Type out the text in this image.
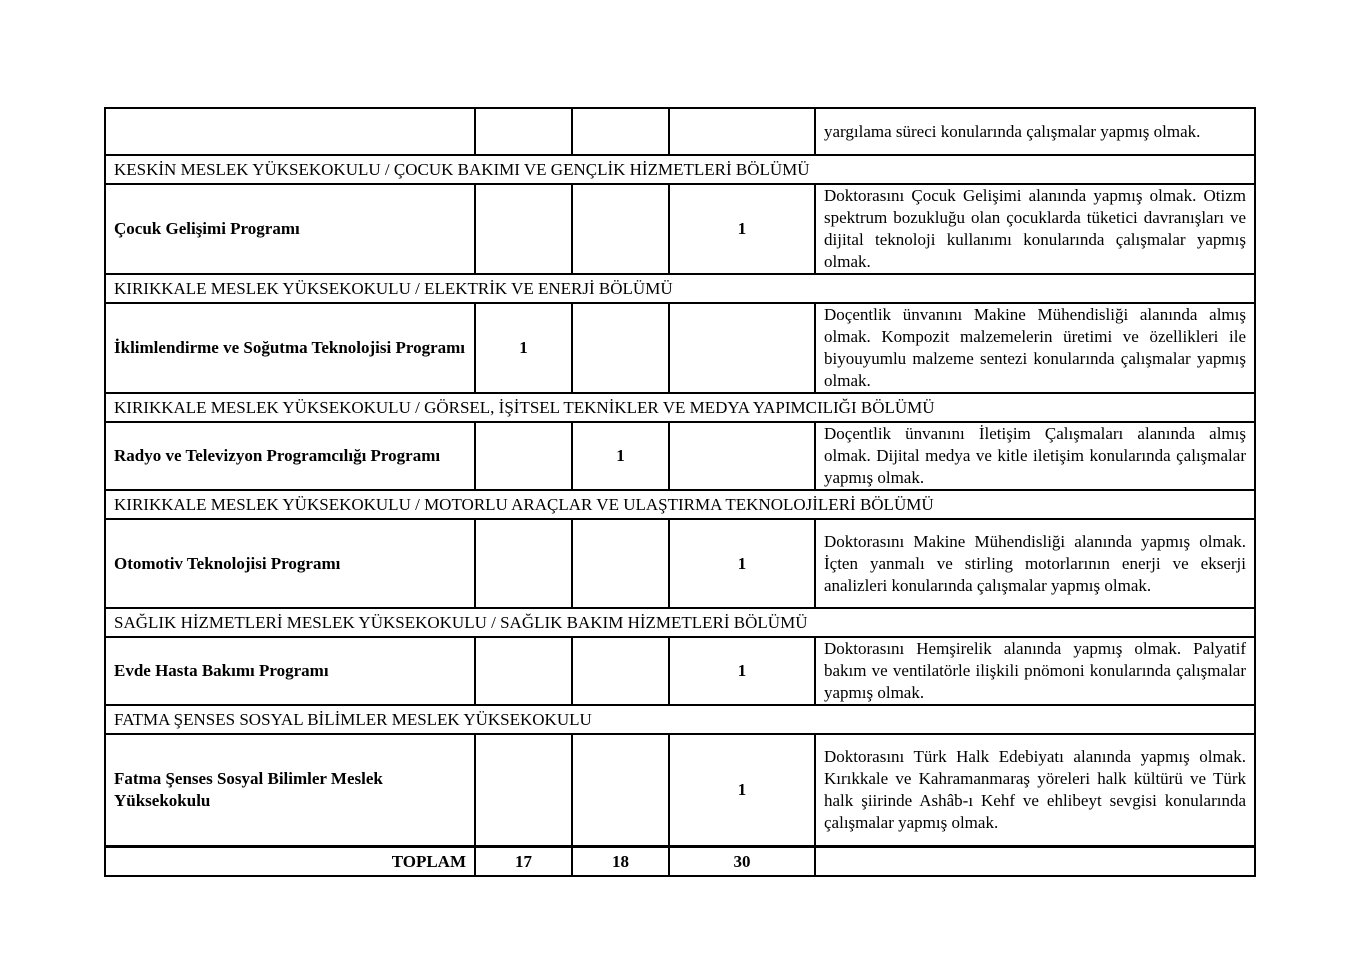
				yargılama süreci konularında çalışmalar yapmış olmak.
KESKİN MESLEK YÜKSEKOKULU / ÇOCUK BAKIMI VE GENÇLİK HİZMETLERİ BÖLÜMÜ				
Çocuk Gelişimi Programı			1	Doktorasını Çocuk Gelişimi alanında yapmış olmak. Otizm spektrum bozukluğu olan çocuklarda tüketici davranışları ve dijital teknoloji kullanımı konularında çalışmalar yapmış olmak.
KIRIKKALE MESLEK YÜKSEKOKULU / ELEKTRİK VE ENERJİ BÖLÜMÜ				
İklimlendirme ve Soğutma Teknolojisi Programı	1			Doçentlik ünvanını Makine Mühendisliği alanında almış olmak. Kompozit malzemelerin üretimi ve özellikleri ile biyouyumlu malzeme sentezi konularında çalışmalar yapmış olmak.
KIRIKKALE MESLEK YÜKSEKOKULU / GÖRSEL, İŞİTSEL TEKNİKLER VE MEDYA YAPIMCILIĞI BÖLÜMÜ				
Radyo ve Televizyon Programcılığı Programı		1		Doçentlik ünvanını İletişim Çalışmaları alanında almış olmak. Dijital medya ve kitle iletişim konularında çalışmalar yapmış olmak.
KIRIKKALE MESLEK YÜKSEKOKULU / MOTORLU ARAÇLAR VE ULAŞTIRMA TEKNOLOJİLERİ BÖLÜMÜ				
Otomotiv Teknolojisi Programı			1	Doktorasını Makine Mühendisliği alanında yapmış olmak. İçten yanmalı ve stirling motorlarının enerji ve ekserji analizleri konularında çalışmalar yapmış olmak.
SAĞLIK HİZMETLERİ MESLEK YÜKSEKOKULU / SAĞLIK BAKIM HİZMETLERİ BÖLÜMÜ				
Evde Hasta Bakımı Programı			1	Doktorasını Hemşirelik alanında yapmış olmak. Palyatif bakım ve ventilatörle ilişkili pnömoni konularında çalışmalar yapmış olmak.
FATMA ŞENSES SOSYAL BİLİMLER MESLEK YÜKSEKOKULU				
Fatma Şenses Sosyal Bilimler Meslek Yüksekokulu			1	Doktorasını Türk Halk Edebiyatı alanında yapmış olmak. Kırıkkale ve Kahramanmaraş yöreleri halk kültürü ve Türk halk şiirinde Ashâb-ı Kehf ve ehlibeyt sevgisi konularında çalışmalar yapmış olmak.
TOPLAM	17	18	30	
